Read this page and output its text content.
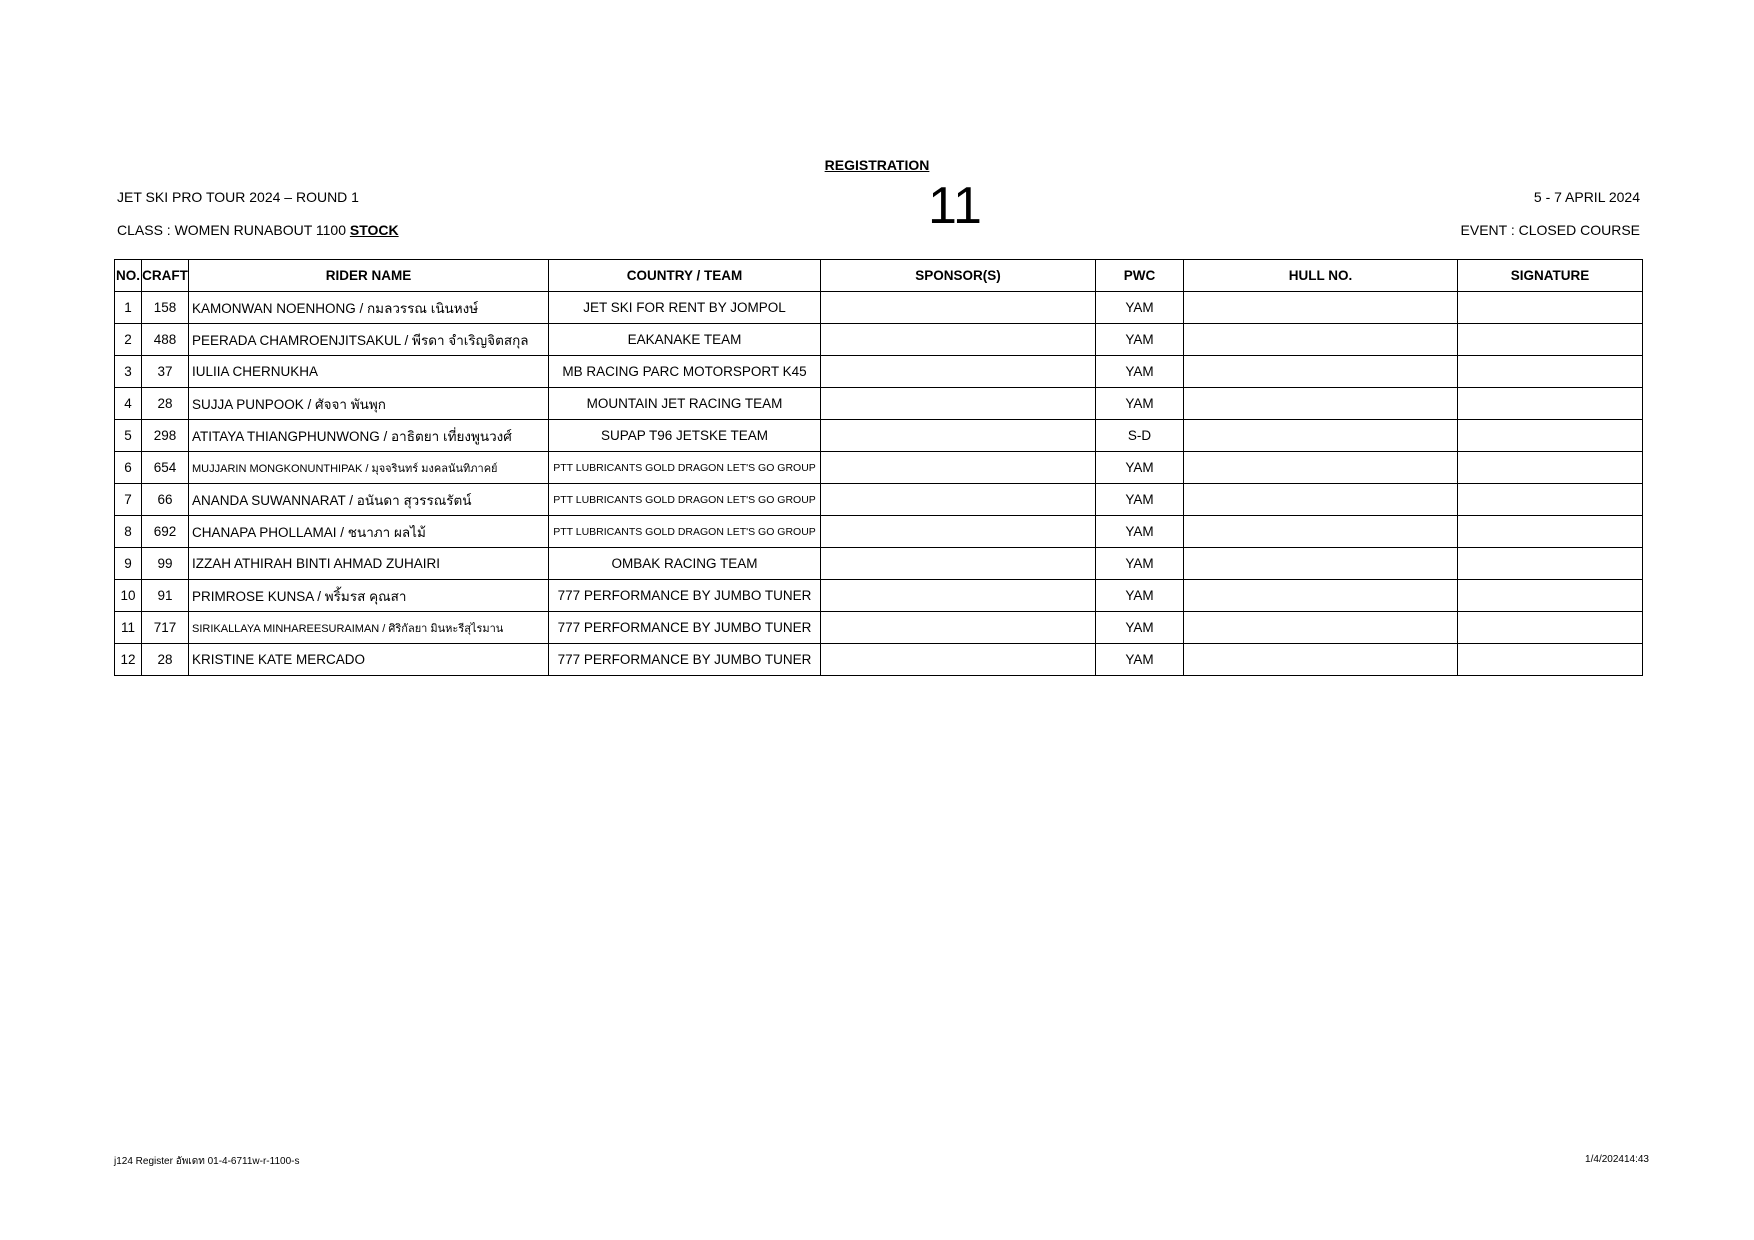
REGISTRATION
11
JET SKI PRO TOUR 2024 – ROUND 1
CLASS : WOMEN RUNABOUT 1100 STOCK
5 - 7 APRIL 2024
EVENT : CLOSED COURSE
NO.	CRAFT	RIDER NAME	COUNTRY / TEAM	SPONSOR(S)	PWC	HULL NO.	SIGNATURE
1	158	KAMONWAN NOENHONG / กมลวรรณ เนินหงษ์	JET SKI FOR RENT BY JOMPOL		YAM		
2	488	PEERADA CHAMROENJITSAKUL / พีรดา จำเริญจิตสกุล	EAKANAKE TEAM		YAM		
3	37	IULIIA CHERNUKHA	MB RACING PARC MOTORSPORT K45		YAM		
4	28	SUJJA PUNPOOK / ศัจจา พันพุก	MOUNTAIN JET RACING TEAM		YAM		
5	298	ATITAYA THIANGPHUNWONG / อาธิตยา เที่ยงพูนวงศ์	SUPAP T96 JETSKE TEAM		S-D		
6	654	MUJJARIN MONGKONUNTHIPAK / มุจจรินทร์ มงคลนันทิภาคย์	PTT LUBRICANTS GOLD DRAGON LET'S GO GROUP		YAM		
7	66	ANANDA SUWANNARAT / อนันดา สุวรรณรัตน์	PTT LUBRICANTS GOLD DRAGON LET'S GO GROUP		YAM		
8	692	CHANAPA PHOLLAMAI / ชนาภา ผลไม้	PTT LUBRICANTS GOLD DRAGON LET'S GO GROUP		YAM		
9	99	IZZAH ATHIRAH BINTI AHMAD ZUHAIRI	OMBAK RACING TEAM		YAM		
10	91	PRIMROSE KUNSA / พริ้มรส คุณสา	777 PERFORMANCE BY JUMBO TUNER		YAM		
11	717	SIRIKALLAYA MINHAREESURAIMAN / ศิริกัลยา มินหะรีสุไรมาน	777 PERFORMANCE BY JUMBO TUNER		YAM		
12	28	KRISTINE KATE MERCADO	777 PERFORMANCE BY JUMBO TUNER		YAM		
j124 Register อัพเดท 01-4-6711w-r-1100-s	1/4/202414:43
